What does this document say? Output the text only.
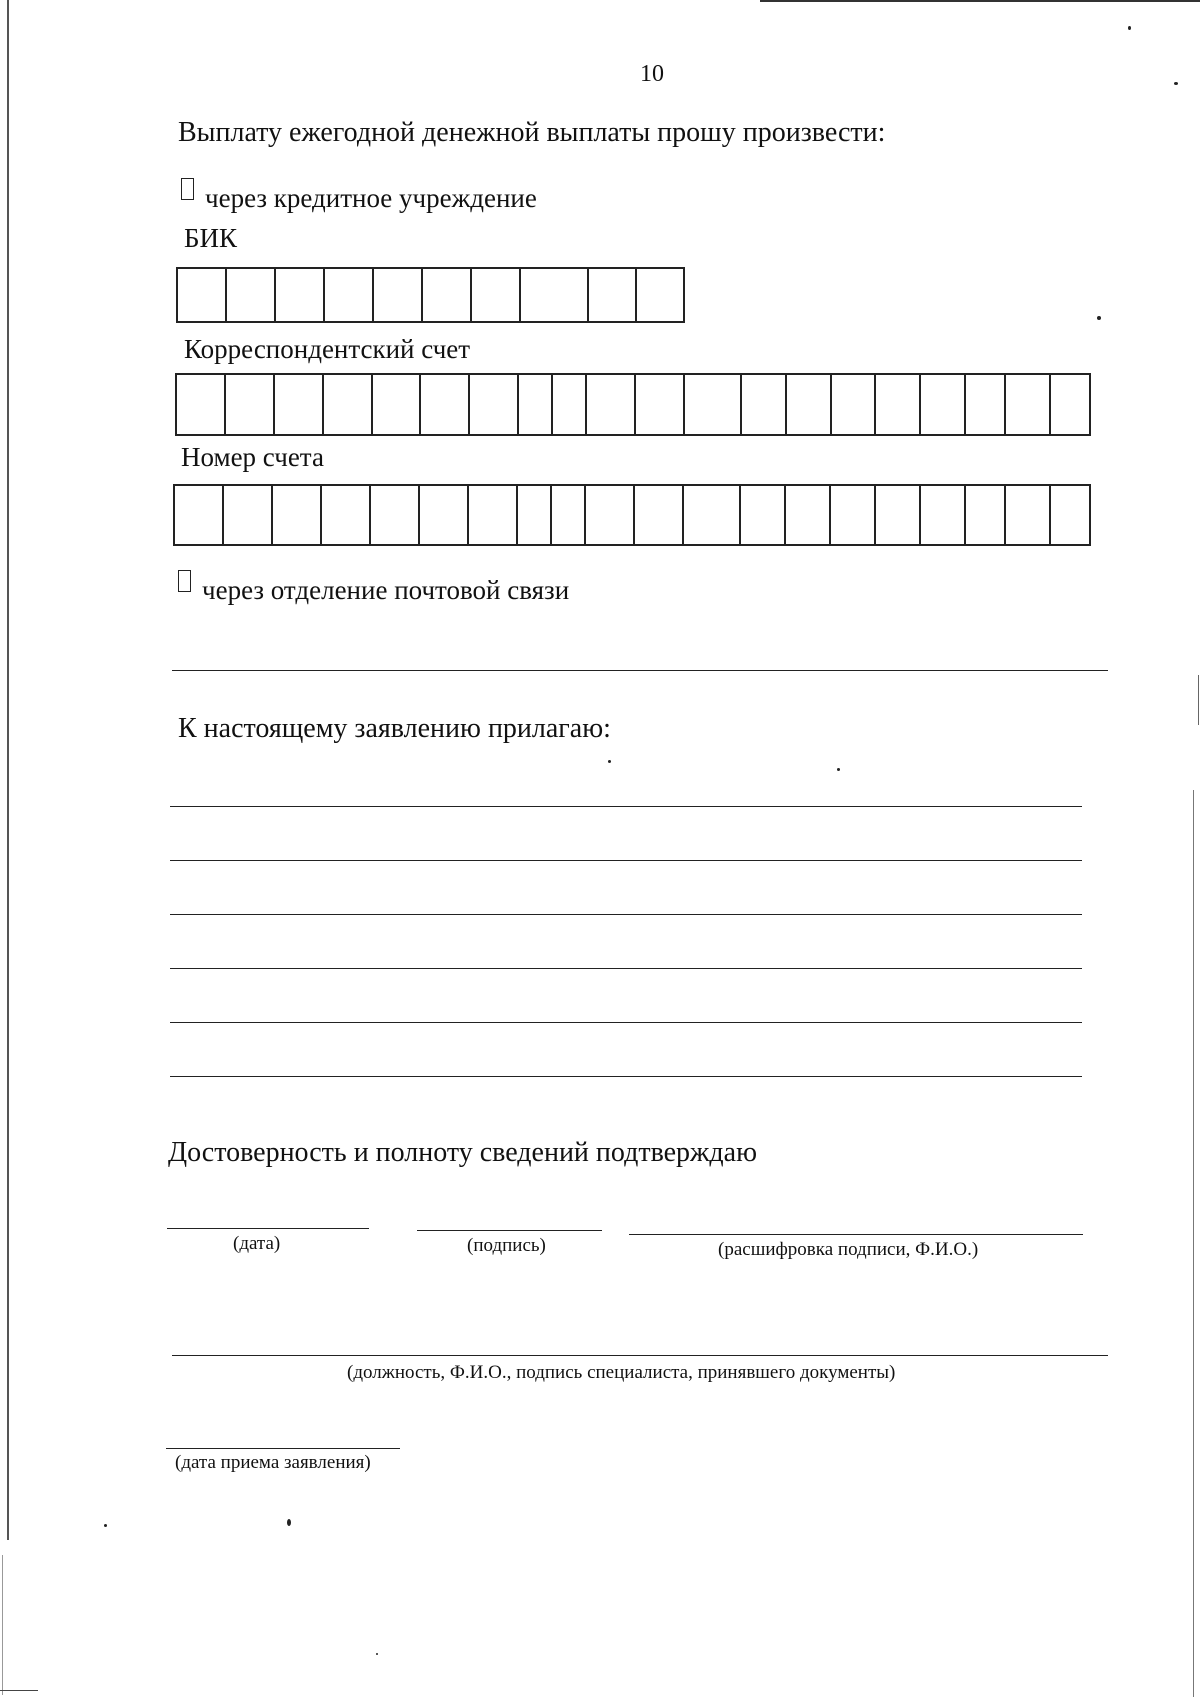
10
Выплату ежегодной денежной выплаты прошу произвести:
через кредитное учреждение
БИК
Корреспондентский счет
Номер счета
через отделение почтовой связи
К настоящему заявлению прилагаю:
Достоверность и полноту сведений подтверждаю
(дата)	(подпись)	(расшифровка подписи, Ф.И.О.)
(должность, Ф.И.О., подпись специалиста, принявшего документы)
(дата приема заявления)
